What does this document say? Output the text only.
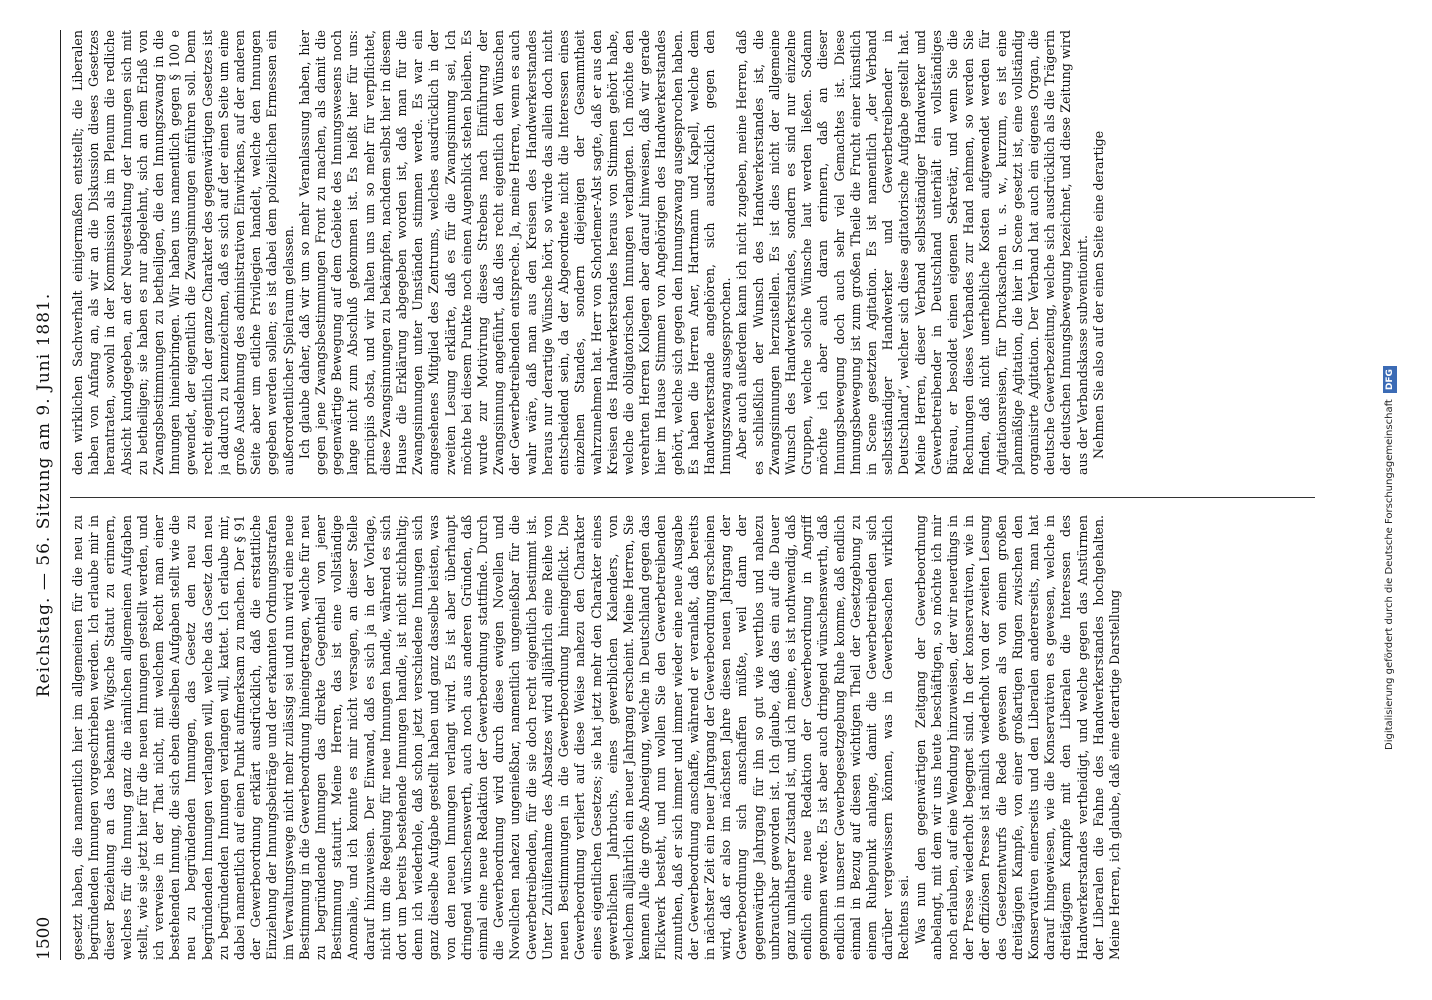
1500
Reichstag. — 56. Sitzung am 9. Juni 1881.

gesetzt haben, die namentlich hier im allgemeinen für die neu zu begründenden Innungen vorgeschrieben werden. Ich erlaube mir in dieser Beziehung an das bekannte Wigsche Statut zu erinnern, welches für die Innung ganz die nämlichen allgemeinen Aufgaben stellt, wie sie jetzt hier für die neuen Innungen gestellt werden, und ich verweise in der That nicht, mit welchem Recht man einer bestehenden Innung, die sich eben dieselben Aufgaben stellt wie die neu zu begründenden Innungen, das Gesetz den neu zu begründenden Innungen verlangen will, welche das Gesetz den neu zu begründenden Innungen verlangen will, kattet. Ich erlaube mir, dabei namentlich auf einen Punkt aufmerksam zu machen. Der § 91 der Gewerbeordnung erklärt ausdrücklich, daß die erstattliche Einziehung der Innungsbeiträge und der erkannten Ordnungsstrafen im Verwaltungswege nicht mehr zulässig sei und nun wird eine neue Bestimmung in die Gewerbeordnung hineingetragen, welche für neu zu begründende Innungen das direkte Gegentheil von jener Bestimmung statuirt. Meine Herren, das ist eine vollständige Anomalie, und ich konnte es mir nicht versagen, an dieser Stelle darauf hinzuweisen. Der Einwand, daß es sich ja in der Vorlage, nicht um die Regelung für neue Innungen handle, während es sich dort um bereits bestehende Innungen handle, ist nicht stichhaltig; denn ich wiederhole, daß schon jetzt verschiedene Innungen sich ganz dieselbe Aufgabe gestellt haben und ganz dasselbe leisten, was von den neuen Innungen verlangt wird. Es ist aber überhaupt dringend wünschenswerth, auch noch aus anderen Gründen, daß einmal eine neue Redaktion der Gewerbeordnung stattfinde. Durch die Gewerbeordnung wird durch diese ewigen Novellen und Novellchen nahezu ungenießbar, namentlich ungenießbar für die Gewerbetreibenden, für die sie doch recht eigentlich bestimmt ist. Unter Zuhülfenahme des Absatzes wird alljährlich eine Reihe von neuen Bestimmungen in die Gewerbeordnung hineingeflickt. Die Gewerbeordnung verliert auf diese Weise nahezu den Charakter eines eigentlichen Gesetzes; sie hat jetzt mehr den Charakter eines gewerblichen Jahrbuchs, eines gewerblichen Kalenders, von welchem alljährlich ein neuer Jahrgang erscheint. Meine Herren, Sie kennen Alle die große Abneigung, welche in Deutschland gegen das Flickwerk besteht, und nun wollen Sie den Gewerbetreibenden zumuthen, daß er sich immer und immer wieder eine neue Ausgabe der Gewerbeordnung anschaffe, während er veranlaßt, daß bereits in nächster Zeit ein neuer Jahrgang der Gewerbeordnung erscheinen wird, daß er also im nächsten Jahre diesen neuen Jahrgang der Gewerbeordnung sich anschaffen müßte, weil dann der gegenwärtige Jahrgang für ihn so gut wie werthlos und nahezu unbrauchbar geworden ist. Ich glaube, daß das ein auf die Dauer ganz unhaltbarer Zustand ist, und ich meine, es ist nothwendig, daß endlich eine neue Redaktion der Gewerbeordnung in Angriff genommen werde. Es ist aber auch dringend wünschenswerth, daß endlich in unserer Gewerbegesetzgebung Ruhe komme, daß endlich einmal in Bezug auf diesen wichtigen Theil der Gesetzgebung zu einem Ruhepunkt anlange, damit die Gewerbetreibenden sich darüber vergewissern können, was in Gewerbesachen wirklich Rechtens sei. Was nun den gegenwärtigen Zeitgang der Gewerbeordnung anbelangt, mit dem wir uns heute beschäftigen, so möchte ich mir noch erlauben, auf eine Wendung hinzuweisen, der wir neuerdings in der Presse wiederholt begegnet sind. In der konservativen, wie in der offiziösen Presse ist nämlich wiederholt von der zweiten Lesung des Gesetzentwurfs die Rede gewesen als von einem großen dreitägigen Kampfe, von einer großartigen Ringen zwischen den Konservativen einerseits und den Liberalen andererseits, man hat darauf hingewiesen, wie die Konservativen es gewesen, welche in dreitägigem Kampfe mit den Liberalen die Interessen des Handwerkerstandes vertheidigt, und welche gegen das Anstürmen der Liberalen die Fahne des Handwerkerstandes hochgehalten. Meine Herren, ich glaube, daß eine derartige Darstellung

den wirklichen Sachverhalt einigermaßen entstellt; die Liberalen haben von Anfang an, als wir an die Diskussion dieses Gesetzes herantraten, sowohl in der Kommission als im Plenum die redliche Absicht kundgegeben, an der Neugestaltung der Innungen sich mit zu betheiligen; sie haben es nur abgelehnt, sich an dem Erlaß von Zwangsbestimmungen zu betheiligen, die den Innungszwang in die Innungen hineinbringen. Wir haben uns namentlich gegen § 100 e gewendet, der eigentlich die Zwangsinnungen einführen soll. Denn recht eigentlich der ganze Charakter des gegenwärtigen Gesetzes ist ja dadurch zu kennzeichnen, daß es sich auf der einen Seite um eine große Ausdehnung des administrativen Einwirkens, auf der anderen Seite aber um etliche Privilegien handelt, welche den Innungen gegeben werden sollen; es ist dabei dem polizeilichen Ermessen ein außerordentlicher Spielraum gelassen. Ich glaube daher, daß wir um so mehr Veranlassung haben, hier gegen jene Zwangsbestimmungen Front zu machen, als damit die gegenwärtige Bewegung auf dem Gebiete des Innungswesens noch lange nicht zum Abschluß gekommen ist. Es heißt hier für uns: principiis obsta, und wir halten uns um so mehr für verpflichtet, diese Zwangsinnungen zu bekämpfen, nachdem selbst hier in diesem Hause die Erklärung abgegeben worden ist, daß man für die Zwangsinnungen unter Umständen stimmen werde. Es war ein angesehenes Mitglied des Zentrums, welches ausdrücklich in der zweiten Lesung erklärte, daß es für die Zwangsinnung sei, Ich möchte bei diesem Punkte noch einen Augenblick stehen bleiben. Es wurde zur Motivirung dieses Strebens nach Einführung der Zwangsinnung angeführt, daß dies recht eigentlich den Wünschen der Gewerbetreibenden entspreche. Ja, meine Herren, wenn es auch wahr wäre, daß man aus den Kreisen des Handwerkerstandes heraus nur derartige Wünsche hört, so würde das allein doch nicht entscheidend sein, da der Abgeordnete nicht die Interessen eines einzelnen Standes, sondern diejenigen der Gesammtheit wahrzunehmen hat. Herr von Schorlemer-Alst sagte, daß er aus den Kreisen des Handwerkerstandes heraus von Stimmen gehört habe, welche die obligatorischen Innungen verlangten. Ich möchte den verehrten Herren Kollegen aber darauf hinweisen, daß wir gerade hier im Hause Stimmen von Angehörigen des Handwerkerstandes gehört, welche sich gegen den Innungszwang ausgesprochen haben. Es haben die Herren Aner, Hartmann und Kapell, welche dem Handwerkerstande angehören, sich ausdrücklich gegen den Innungszwang ausgesprochen. Aber auch außerdem kann ich nicht zugeben, meine Herren, daß es schließlich der Wunsch des Handwerkerstandes ist, die Zwangsinnungen herzustellen. Es ist dies nicht der allgemeine Wunsch des Handwerkerstandes, sondern es sind nur einzelne Gruppen, welche solche Wünsche laut werden ließen. Sodann möchte ich aber auch daran erinnern, daß an dieser Innungsbewegung doch auch sehr viel Gemachtes ist. Diese Innungsbewegung ist zum großen Theile die Frucht einer künstlich in Scene gesetzten Agitation. Es ist namentlich „der Verband selbstständiger Handwerker und Gewerbetreibender in Deutschland“, welcher sich diese agitatorische Aufgabe gestellt hat. Meine Herren, dieser Verband selbstständiger Handwerker und Gewerbetreibender in Deutschland unterhält ein vollständiges Büreau, er besoldet einen eigenen Sekretär, und wenn Sie die Rechnungen dieses Verbandes zur Hand nehmen, so werden Sie finden, daß nicht unerhebliche Kosten aufgewendet werden für Agitationsreisen, für Drucksachen u. s. w., kurzum, es ist eine planmäßige Agitation, die hier in Scene gesetzt ist, eine vollständig organisirte Agitation. Der Verband hat auch ein eigenes Organ, die deutsche Gewerbezeitung, welche sich ausdrücklich als die Trägerin der deutschen Innungsbewegung bezeichnet, und diese Zeitung wird aus der Verbandskasse subventionirt. Nehmen Sie also auf der einen Seite eine derartige

Digitalisierung gefördert durch die Deutsche ForschungsgemeinschaftDFG
